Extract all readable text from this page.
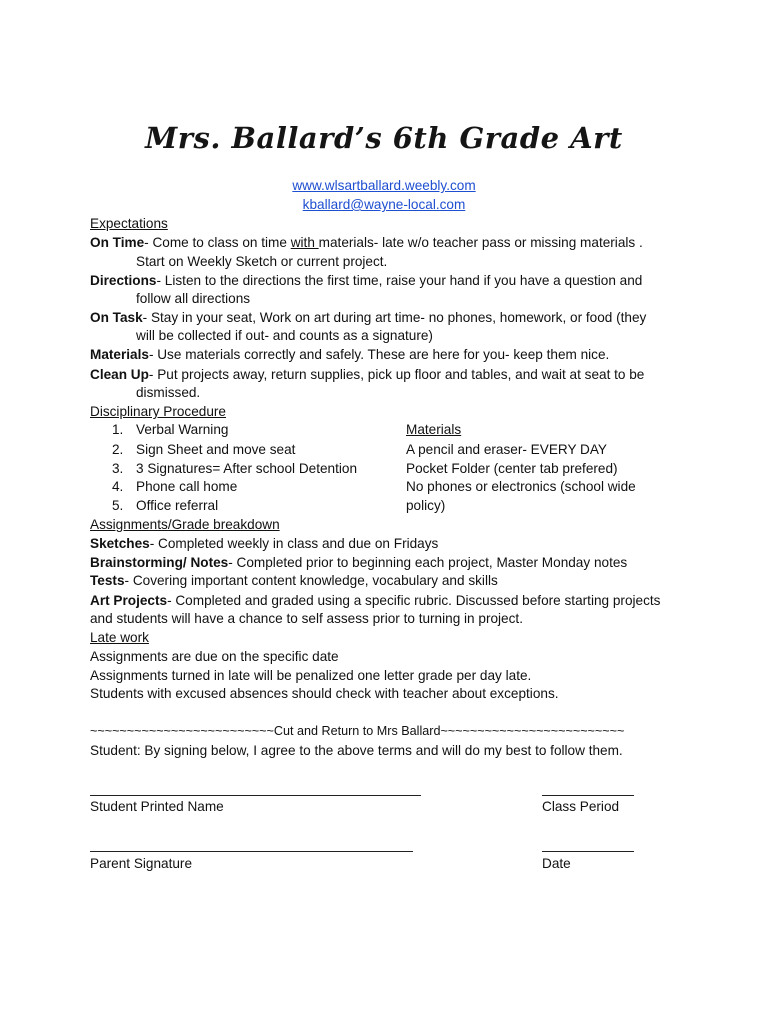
Mrs. Ballard’s 6th Grade Art
www.wlsartballard.weebly.com
kballard@wayne-local.com
Expectations
On Time- Come to class on time with materials- late w/o teacher pass or missing materials .
Start on Weekly Sketch or current project.
Directions- Listen to the directions the first time, raise your hand if you have a question and
follow all directions
On Task- Stay in your seat, Work on art during art time- no phones, homework, or food (they
will be collected if out- and counts as a signature)
Materials- Use materials correctly and safely. These are here for you- keep them nice.
Clean Up- Put projects away, return supplies, pick up floor and tables, and wait at seat to be
dismissed.
Disciplinary Procedure
1. Verbal Warning
2. Sign Sheet and move seat
3. 3 Signatures= After school Detention
4. Phone call home
5. Office referral
Materials
A pencil and eraser- EVERY DAY
Pocket Folder (center tab prefered)
No phones or electronics (school wide
policy)
Assignments/Grade breakdown
Sketches- Completed weekly in class and due on Fridays
Brainstorming/ Notes- Completed prior to beginning each project, Master Monday notes
Tests- Covering important content knowledge, vocabulary and skills
Art Projects- Completed and graded using a specific rubric. Discussed before starting projects
and students will have a chance to self assess prior to turning in project.
Late work
Assignments are due on the specific date
Assignments turned in late will be penalized one letter grade per day late.
Students with excused absences should check with teacher about exceptions.
~~~~~~~~~~~~~~~~~~~~~~~~~Cut and Return to Mrs Ballard~~~~~~~~~~~~~~~~~~~~~~~~~
Student: By signing below, I agree to the above terms and will do my best to follow them.
Student Printed Name	Class Period
Parent Signature	Date
